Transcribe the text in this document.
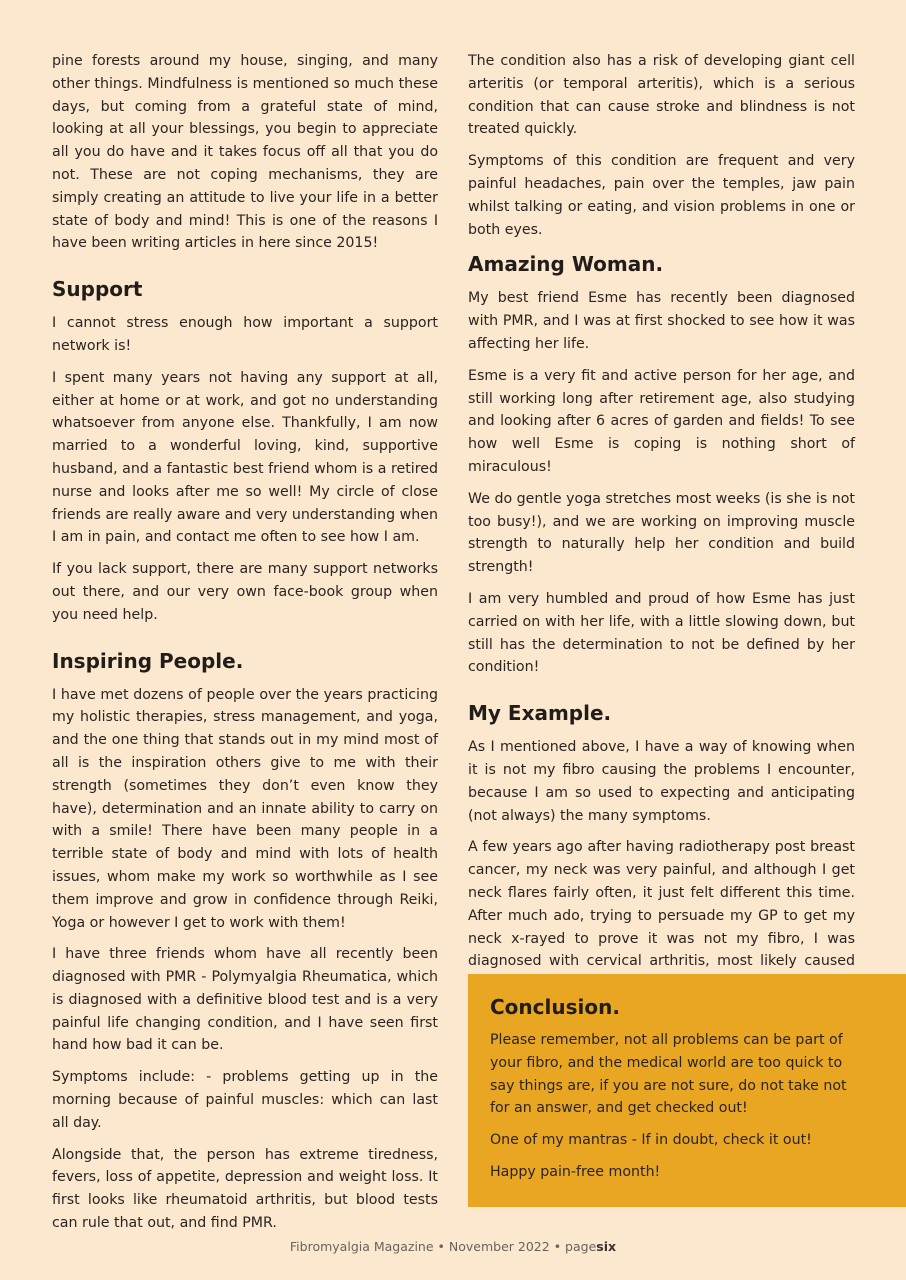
pine forests around my house, singing, and many other things. Mindfulness is mentioned so much these days, but coming from a grateful state of mind, looking at all your blessings, you begin to appreciate all you do have and it takes focus off all that you do not. These are not coping mechanisms, they are simply creating an attitude to live your life in a better state of body and mind! This is one of the reasons I have been writing articles in here since 2015!

Support

I cannot stress enough how important a support network is!

I spent many years not having any support at all, either at home or at work, and got no understanding whatsoever from anyone else. Thankfully, I am now married to a wonderful loving, kind, supportive husband, and a fantastic best friend whom is a retired nurse and looks after me so well! My circle of close friends are really aware and very understanding when I am in pain, and contact me often to see how I am.

If you lack support, there are many support networks out there, and our very own face-book group when you need help.

Inspiring People.

I have met dozens of people over the years practicing my holistic therapies, stress management, and yoga, and the one thing that stands out in my mind most of all is the inspiration others give to me with their strength (sometimes they don’t even know they have), determination and an innate ability to carry on with a smile! There have been many people in a terrible state of body and mind with lots of health issues, whom make my work so worthwhile as I see them improve and grow in confidence through Reiki, Yoga or however I get to work with them!

I have three friends whom have all recently been diagnosed with PMR - Polymyalgia Rheumatica, which is diagnosed with a definitive blood test and is a very painful life changing condition, and I have seen first hand how bad it can be.

Symptoms include: - problems getting up in the morning because of painful muscles: which can last all day.

Alongside that, the person has extreme tiredness, fevers, loss of appetite, depression and weight loss. It first looks like rheumatoid arthritis, but blood tests can rule that out, and find PMR.

The condition also has a risk of developing giant cell arteritis (or temporal arteritis), which is a serious condition that can cause stroke and blindness is not treated quickly.

Symptoms of this condition are frequent and very painful headaches, pain over the temples, jaw pain whilst talking or eating, and vision problems in one or both eyes.

Amazing Woman.

My best friend Esme has recently been diagnosed with PMR, and I was at first shocked to see how it was affecting her life.

Esme is a very fit and active person for her age, and still working long after retirement age, also studying and looking after 6 acres of garden and fields! To see how well Esme is coping is nothing short of miraculous!

We do gentle yoga stretches most weeks (is she is not too busy!), and we are working on improving muscle strength to naturally help her condition and build strength!

I am very humbled and proud of how Esme has just carried on with her life, with a little slowing down, but still has the determination to not be defined by her condition!

My Example.

As I mentioned above, I have a way of knowing when it is not my fibro causing the problems I encounter, because I am so used to expecting and anticipating (not always) the many symptoms.

A few years ago after having radiotherapy post breast cancer, my neck was very painful, and although I get neck flares fairly often, it just felt different this time. After much ado, trying to persuade my GP to get my neck x-rayed to prove it was not my fibro, I was diagnosed with cervical arthritis, most likely caused

Conclusion.

Please remember, not all problems can be part of your fibro, and the medical world are too quick to say things are, if you are not sure, do not take not for an answer, and get checked out!

One of my mantras - If in doubt, check it out!

Happy pain-free month!

Fibromyalgia Magazine • November 2022 • pagesix
